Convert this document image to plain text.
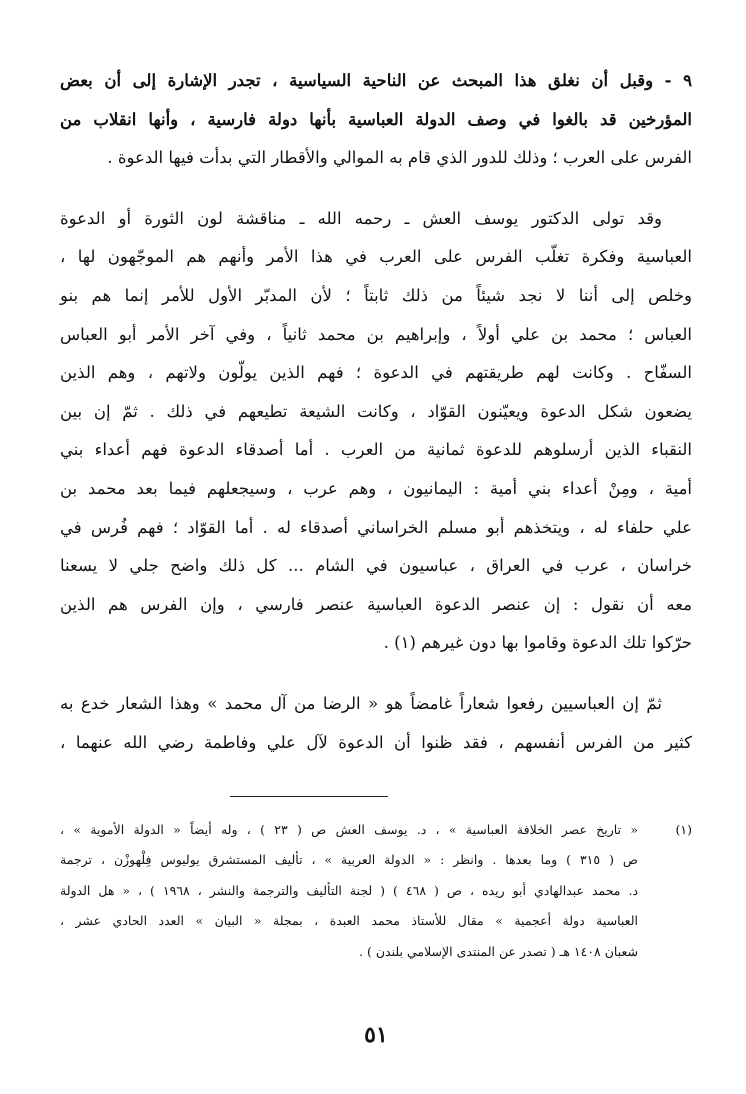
٩ - وقبل أن نغلق هذا المبحث عن الناحية السياسية ، تجدر الإشارة إلى أن بعض
المؤرخين قد بالغوا في وصف الدولة العباسية بأنها دولة فارسية ، وأنها انقلاب من
الفرس على العرب ؛ وذلك للدور الذي قام به الموالي والأقطار التي بدأت فيها الدعوة .
وقد تولى الدكتور يوسف العش ـ رحمه الله ـ مناقشة لون الثورة أو الدعوة
العباسية وفكرة تغلّب الفرس على العرب في هذا الأمر وأنهم هم الموجّهون لها ،
وخلص إلى أننا لا نجد شيئاً من ذلك ثابتاً ؛ لأن المدبّر الأول للأمر إنما هم بنو
العباس ؛ محمد بن علي أولاً ، وإبراهيم بن محمد ثانياً ، وفي آخر الأمر أبو العباس
السفّاح . وكانت لهم طريقتهم في الدعوة ؛ فهم الذين يولّون ولاتهم ، وهم الذين
يضعون شكل الدعوة ويعيّنون القوّاد ، وكانت الشيعة تطيعهم في ذلك . ثمّ إن بين
النقباء الذين أرسلوهم للدعوة ثمانية من العرب . أما أصدقاء الدعوة فهم أعداء بني
أمية ، ومِنْ أعداء بني أمية : اليمانيون ، وهم عرب ، وسيجعلهم فيما بعد محمد بن
علي حلفاء له ، ويتخذهم أبو مسلم الخراساني أصدقاء له . أما القوّاد ؛ فهم فُرس في
خراسان ، عرب في العراق ، عباسيون في الشام ... كل ذلك واضح جلي لا يسعنا
معه أن نقول : إن عنصر الدعوة العباسية عنصر فارسي ، وإن الفرس هم الذين
حرّكوا تلك الدعوة وقاموا بها دون غيرهم (١) .
ثمّ إن العباسيين رفعوا شعاراً غامضاً هو « الرضا من آل محمد » وهذا الشعار خدع به
كثير من الفرس أنفسهم ، فقد ظنوا أن الدعوة لآل علي وفاطمة رضي الله عنهما ،
(١)
« تاريخ عصر الخلافة العباسية » ، د. يوسف العش ص ( ٢٣ ) ، وله أيضاً « الدولة الأموية » ،
ص ( ٣١٥ ) وما بعدها . وانظر : « الدولة العربية » ، تأليف المستشرق يوليوس فِلْهوزْن ، ترجمة
د. محمد عبدالهادي أبو ريده ، ص ( ٤٦٨ ) ( لجنة التأليف والترجمة والنشر ، ١٩٦٨ ) ، « هل الدولة
العباسية دولة أعجمية » مقال للأستاذ محمد العبدة ، بمجلة « البيان » العدد الحادي عشر ،
شعبان ١٤٠٨ هـ ( تصدر عن المنتدى الإسلامي بلندن ) .
٥١
